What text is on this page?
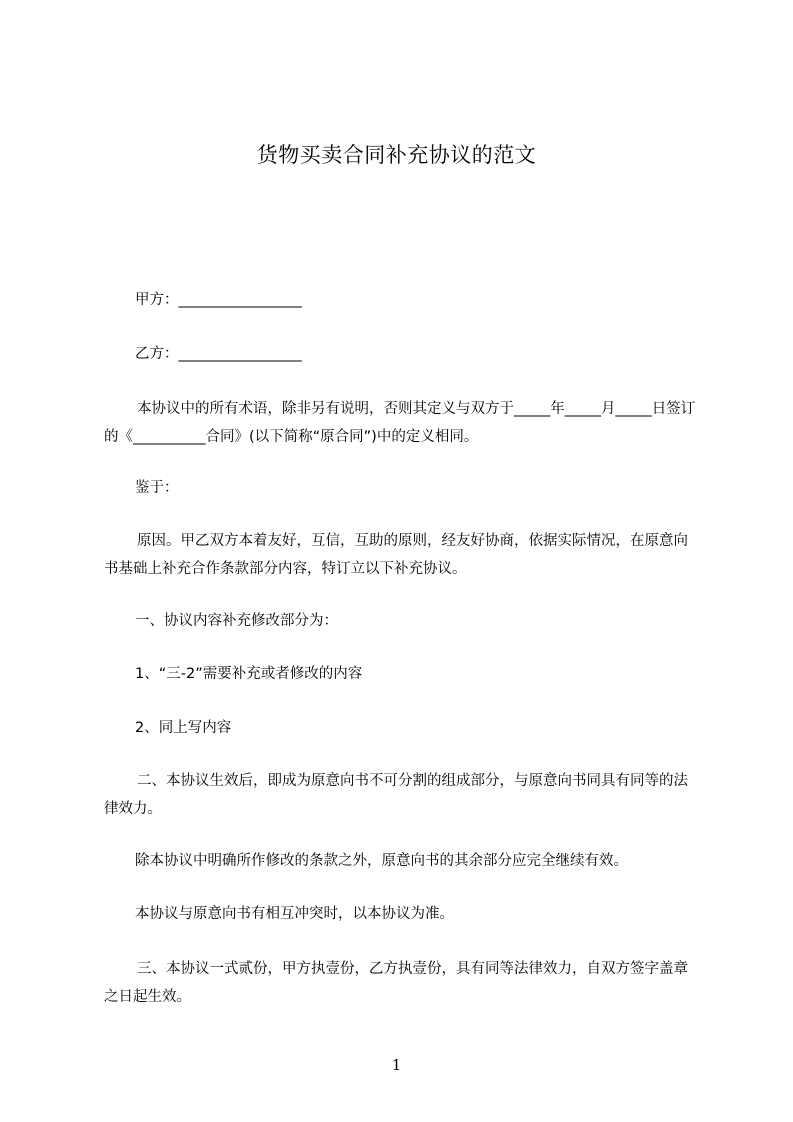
货物买卖合同补充协议的范文

甲方：_________________

乙方：_________________

本协议中的所有术语，除非另有说明，否则其定义与双方于_____年_____月_____日签订的《__________合同》(以下简称“原合同”)中的定义相同。

鉴于：

原因。甲乙双方本着友好，互信，互助的原则，经友好协商，依据实际情况，在原意向书基础上补充合作条款部分内容，特订立以下补充协议。

一、协议内容补充修改部分为：

1、“三-2”需要补充或者修改的内容

2、同上写内容

二、本协议生效后，即成为原意向书不可分割的组成部分，与原意向书同具有同等的法律效力。

除本协议中明确所作修改的条款之外，原意向书的其余部分应完全继续有效。

本协议与原意向书有相互冲突时，以本协议为准。

三、本协议一式贰份，甲方执壹份，乙方执壹份，具有同等法律效力，自双方签字盖章之日起生效。

1
